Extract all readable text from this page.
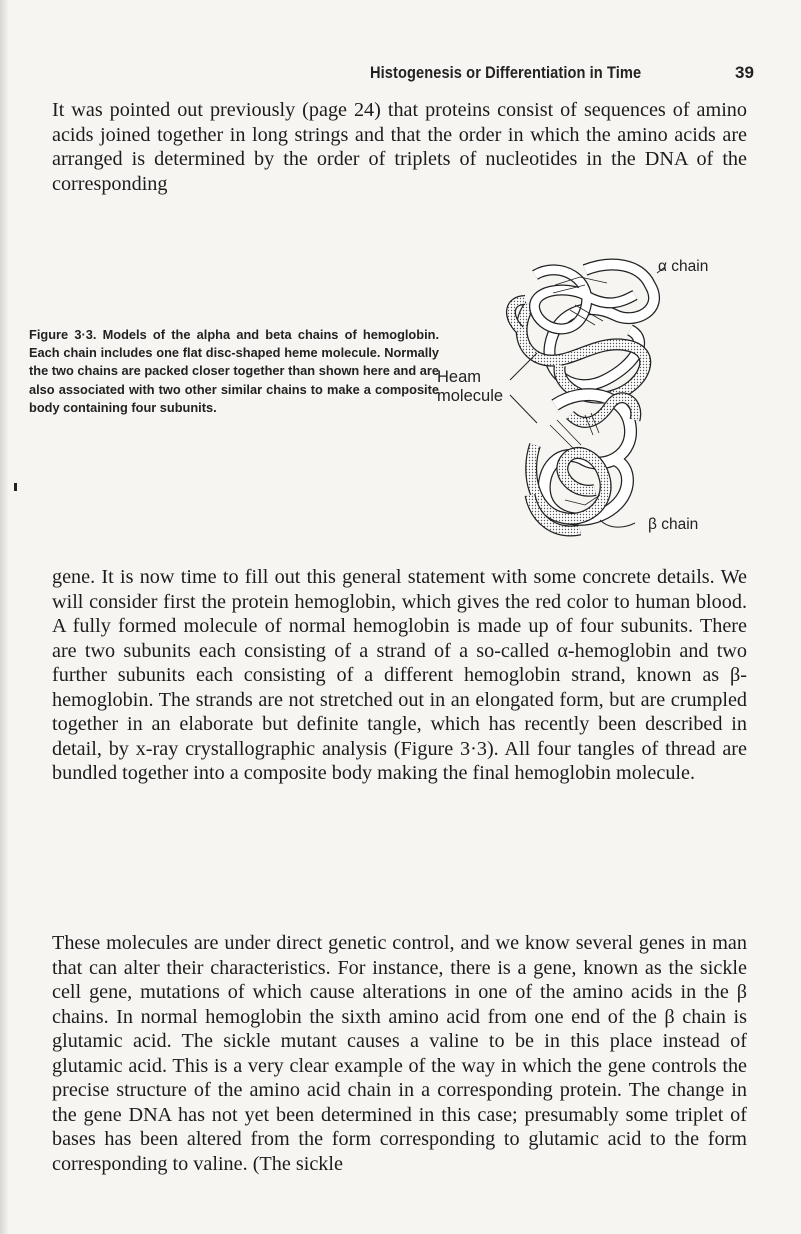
Histogenesis or Differentiation in Time	39

It was pointed out previously (page 24) that proteins consist of sequences of amino acids joined together in long strings and that the order in which the amino acids are arranged is determined by the order of triplets of nucleotides in the DNA of the corresponding

Figure 3·3. Models of the alpha and beta chains of hemoglobin. Each chain includes one flat disc-shaped heme molecule. Normally the two chains are packed closer together than shown here and are also associated with two other similar chains to make a composite body containing four subunits.

α chain
β chain
Heam
molecule

gene. It is now time to fill out this general statement with some concrete details. We will consider first the protein hemoglobin, which gives the red color to human blood. A fully formed molecule of normal hemoglobin is made up of four subunits. There are two subunits each consisting of a strand of a so-called α-hemoglobin and two further subunits each consisting of a different hemoglobin strand, known as β-hemoglobin. The strands are not stretched out in an elongated form, but are crumpled together in an elaborate but definite tangle, which has recently been described in detail, by x-ray crystallographic analysis (Figure 3·3). All four tangles of thread are bundled together into a composite body making the final hemoglobin molecule.

These molecules are under direct genetic control, and we know several genes in man that can alter their characteristics. For instance, there is a gene, known as the sickle cell gene, mutations of which cause alterations in one of the amino acids in the β chains. In normal hemoglobin the sixth amino acid from one end of the β chain is glutamic acid. The sickle mutant causes a valine to be in this place instead of glutamic acid. This is a very clear example of the way in which the gene controls the precise structure of the amino acid chain in a corresponding protein. The change in the gene DNA has not yet been determined in this case; presumably some triplet of bases has been altered from the form corresponding to glutamic acid to the form corresponding to valine. (The sickle
